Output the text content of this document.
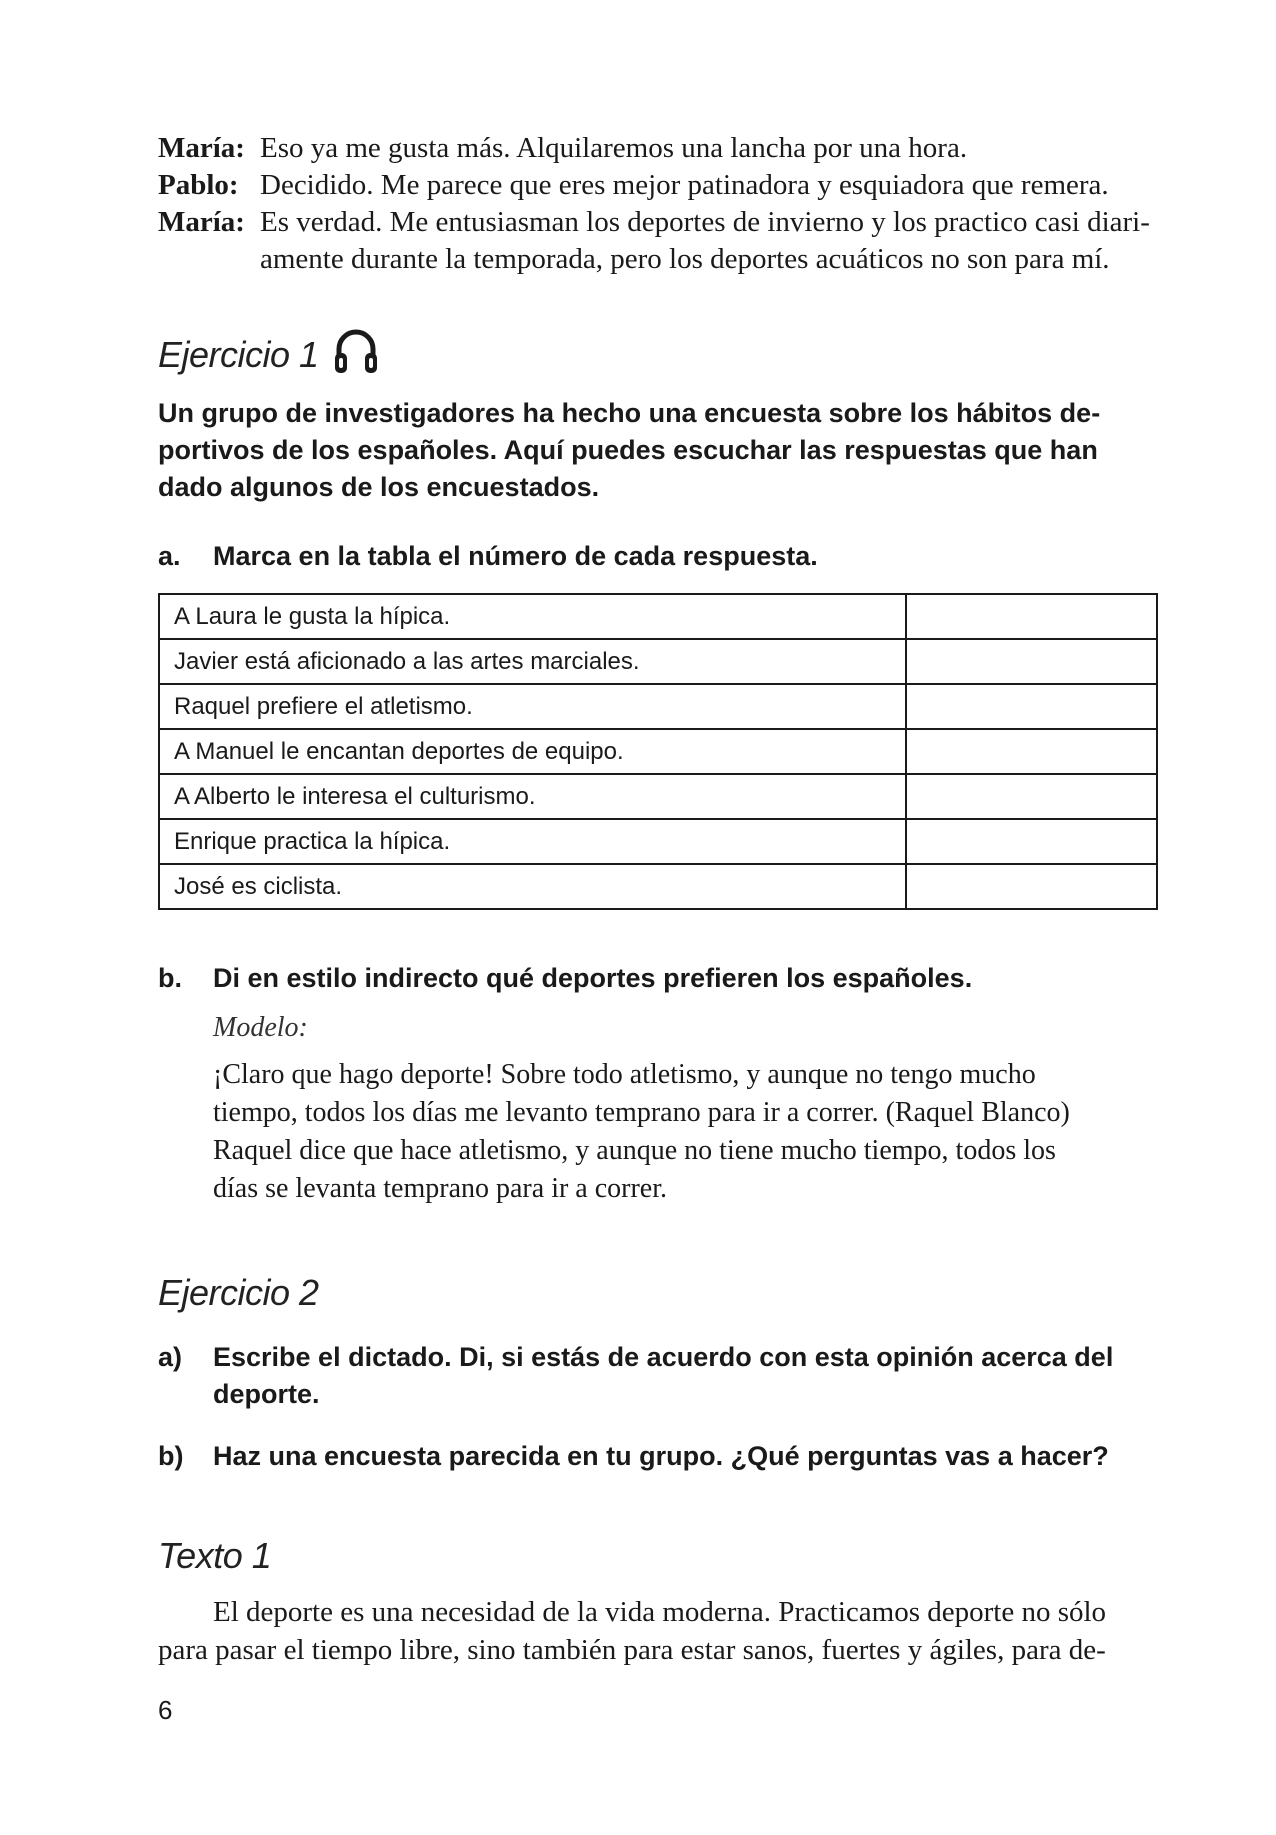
María: Eso ya me gusta más. Alquilaremos una lancha por una hora.
Pablo: Decidido. Me parece que eres mejor patinadora y esquiadora que remera.
María: Es verdad. Me entusiasman los deportes de invierno y los practico casi diari-
amente durante la temporada, pero los deportes acuáticos no son para mí.
Ejercicio 1
Un grupo de investigadores ha hecho una encuesta sobre los hábitos de-
portivos de los españoles. Aquí puedes escuchar las respuestas que han
dado algunos de los encuestados.
a.	Marca en la tabla el número de cada respuesta.
A Laura le gusta la hípica.	
Javier está aficionado a las artes marciales.	
Raquel prefiere el atletismo.	
A Manuel le encantan deportes de equipo.	
A Alberto le interesa el culturismo.	
Enrique practica la hípica.	
José es ciclista.	
b.	Di en estilo indirecto qué deportes prefieren los españoles.
Modelo:
¡Claro que hago deporte! Sobre todo atletismo, y aunque no tengo mucho
tiempo, todos los días me levanto temprano para ir a correr. (Raquel Blanco)
Raquel dice que hace atletismo, y aunque no tiene mucho tiempo, todos los
días se levanta temprano para ir a correr.
Ejercicio 2
a)	Escribe el dictado. Di, si estás de acuerdo con esta opinión acerca del
deporte.
b)	Haz una encuesta parecida en tu grupo. ¿Qué perguntas vas a hacer?
Texto 1
El deporte es una necesidad de la vida moderna. Practicamos deporte no sólo
para pasar el tiempo libre, sino también para estar sanos, fuertes y ágiles, para de-
6
